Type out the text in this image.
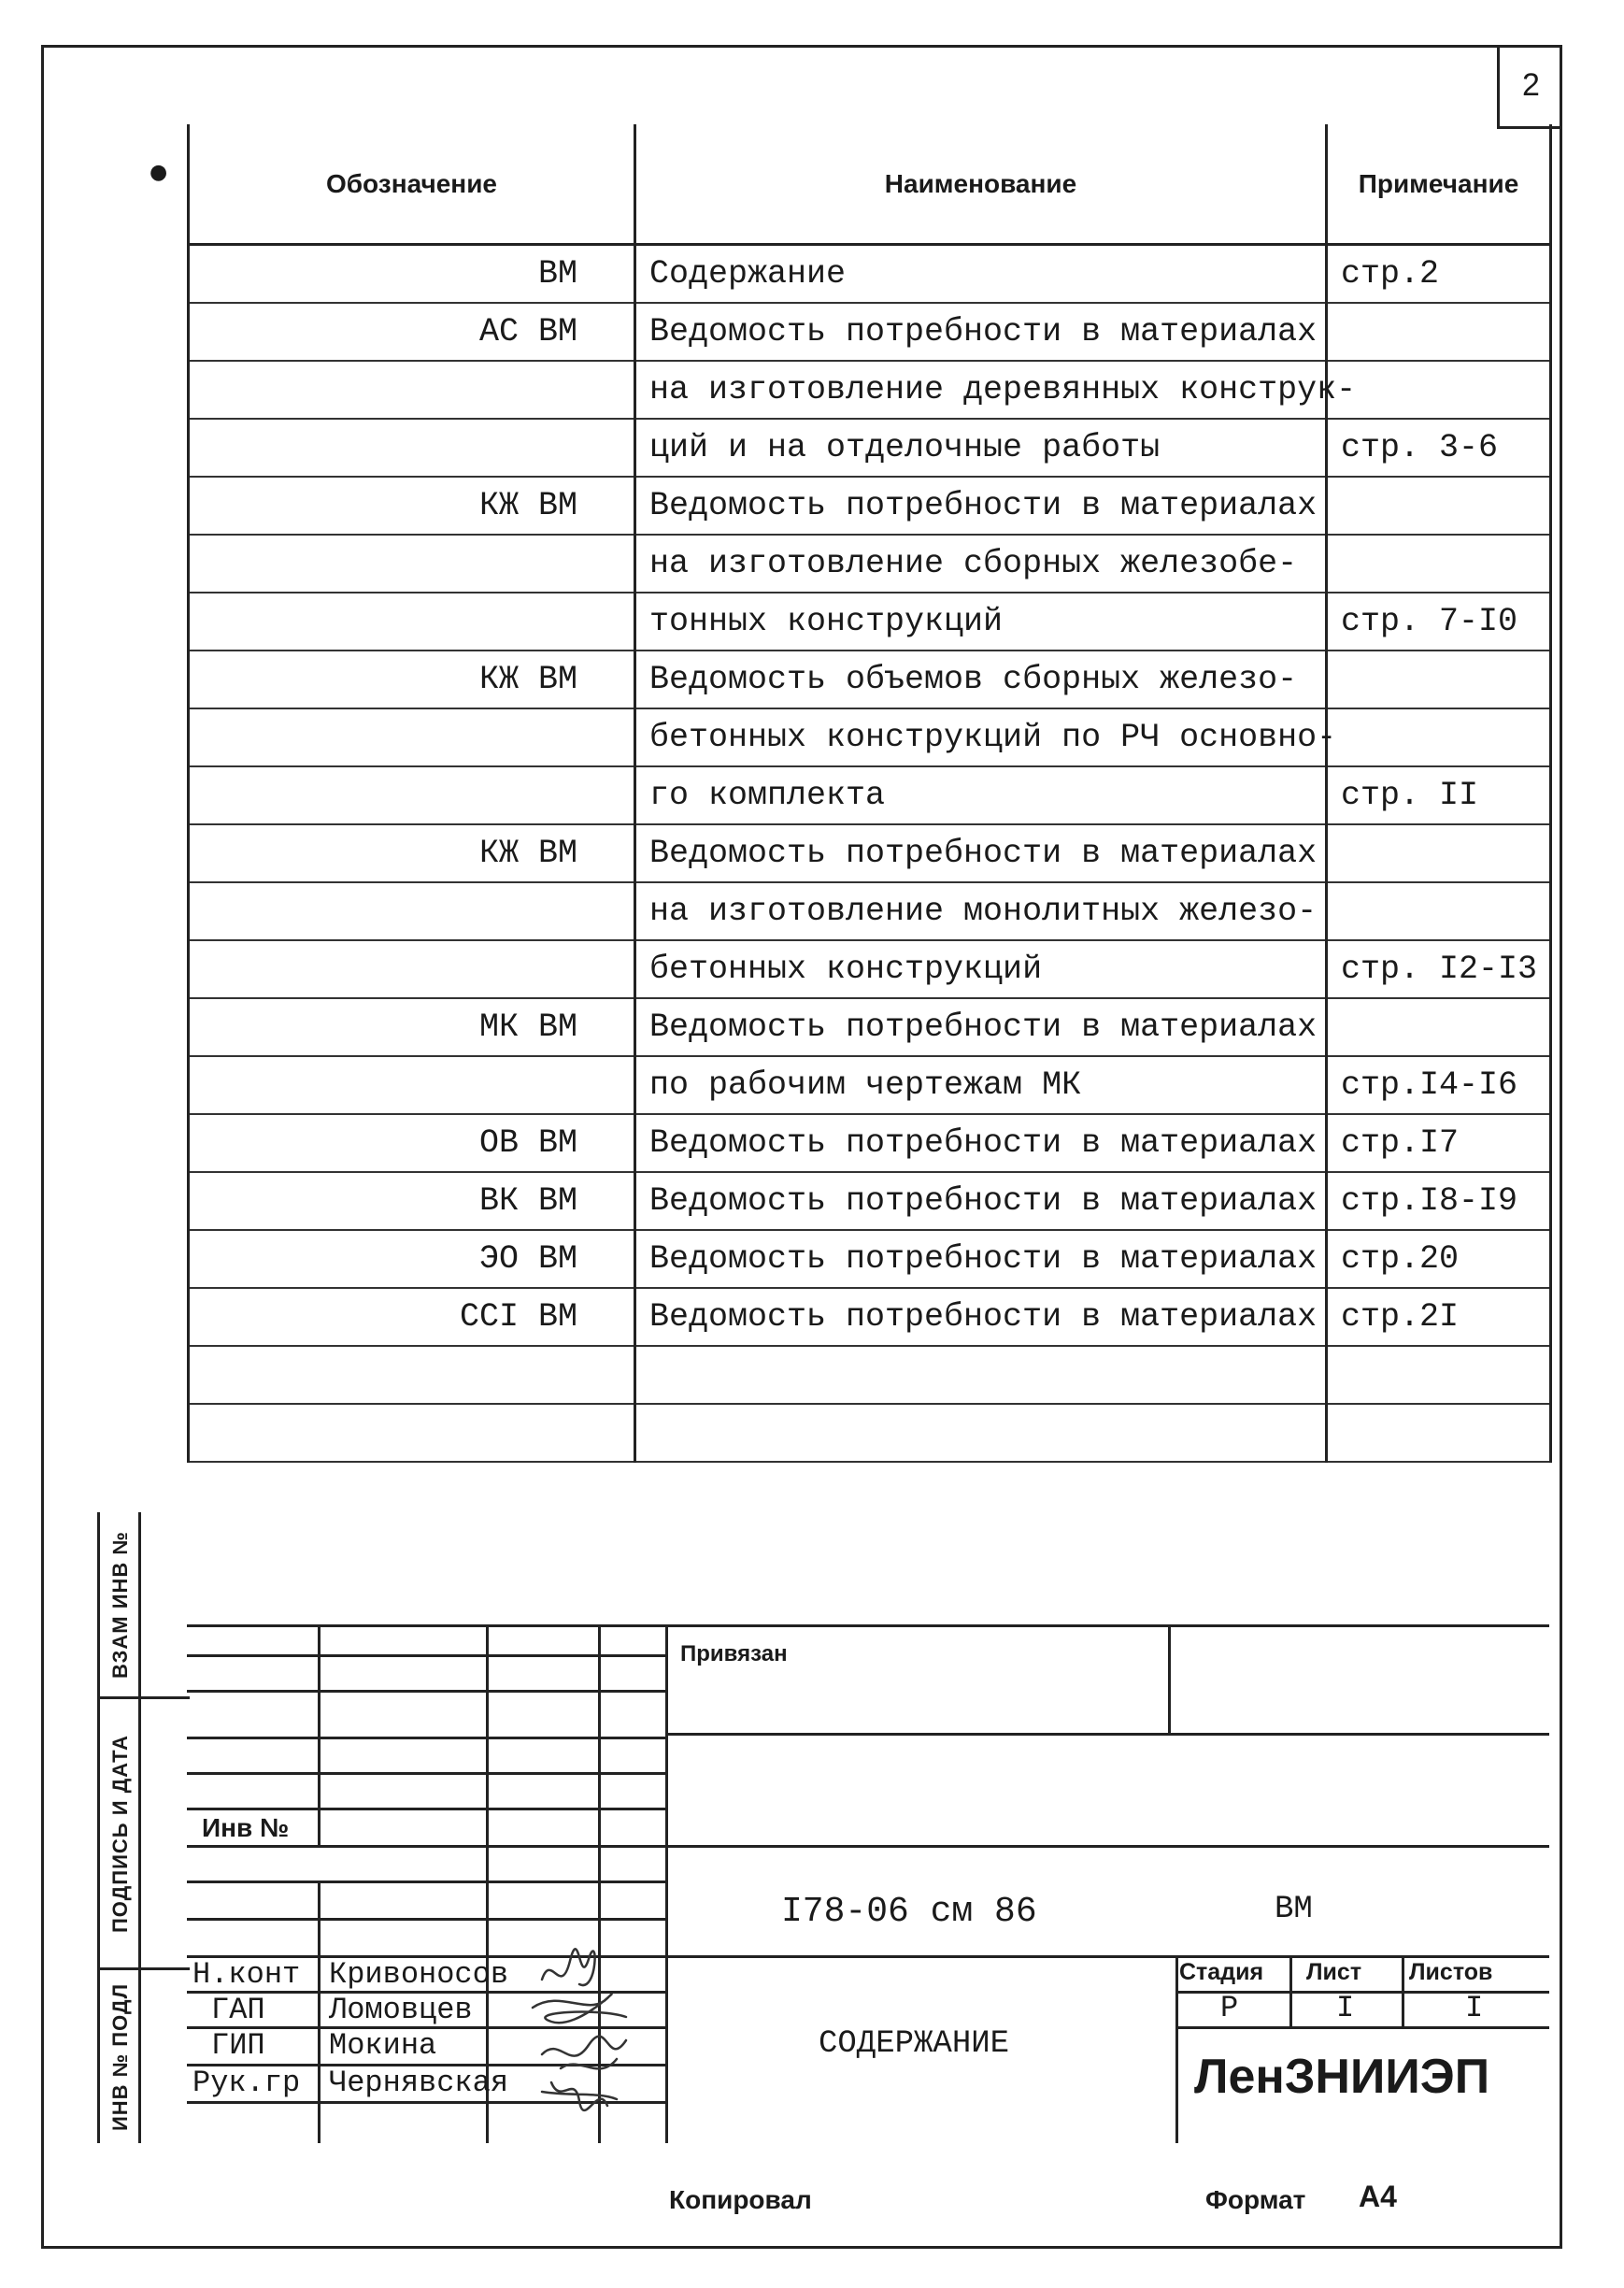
2
●	Обозначение	Наименование	Примечание
ВМ	Содержание	стр.2
АС ВМ	Ведомость потребности в материалах	
	на изготовление деревянных конструк-	
	ций и на отделочные работы	стр. 3-6
КЖ ВМ	Ведомость потребности в материалах	
	на изготовление сборных железобе-	
	тонных конструкций	стр. 7-I0
КЖ ВМ	Ведомость объемов сборных железо-	
	бетонных конструкций по РЧ основно-	
	го комплекта	стр. II
КЖ ВМ	Ведомость потребности в материалах	
	на изготовление монолитных железо-	
	бетонных конструкций	стр. I2-I3
МК ВМ	Ведомость потребности в материалах	
	по рабочим чертежам МК	стр.I4-I6
ОВ ВМ	Ведомость потребности в материалах	стр.I7
ВК ВМ	Ведомость потребности в материалах	стр.I8-I9
ЭО ВМ	Ведомость потребности в материалах	стр.20
ССI ВМ	Ведомость потребности в материалах	стр.2I

ВЗАМ ИНВ №
ПОДПИСЬ И ДАТА
ИНВ № ПОДЛ
Привязан
Инв №
I78-06 см 86	ВМ
СОДЕРЖАНИЕ
Стадия Лист Листов
Р	I	I
ЛенЗНИИЭП
Н.конт Кривоносов
ГАП Ломовцев
ГИП Мокина
Рук.гр Чернявская
Копировал	Формат А4
